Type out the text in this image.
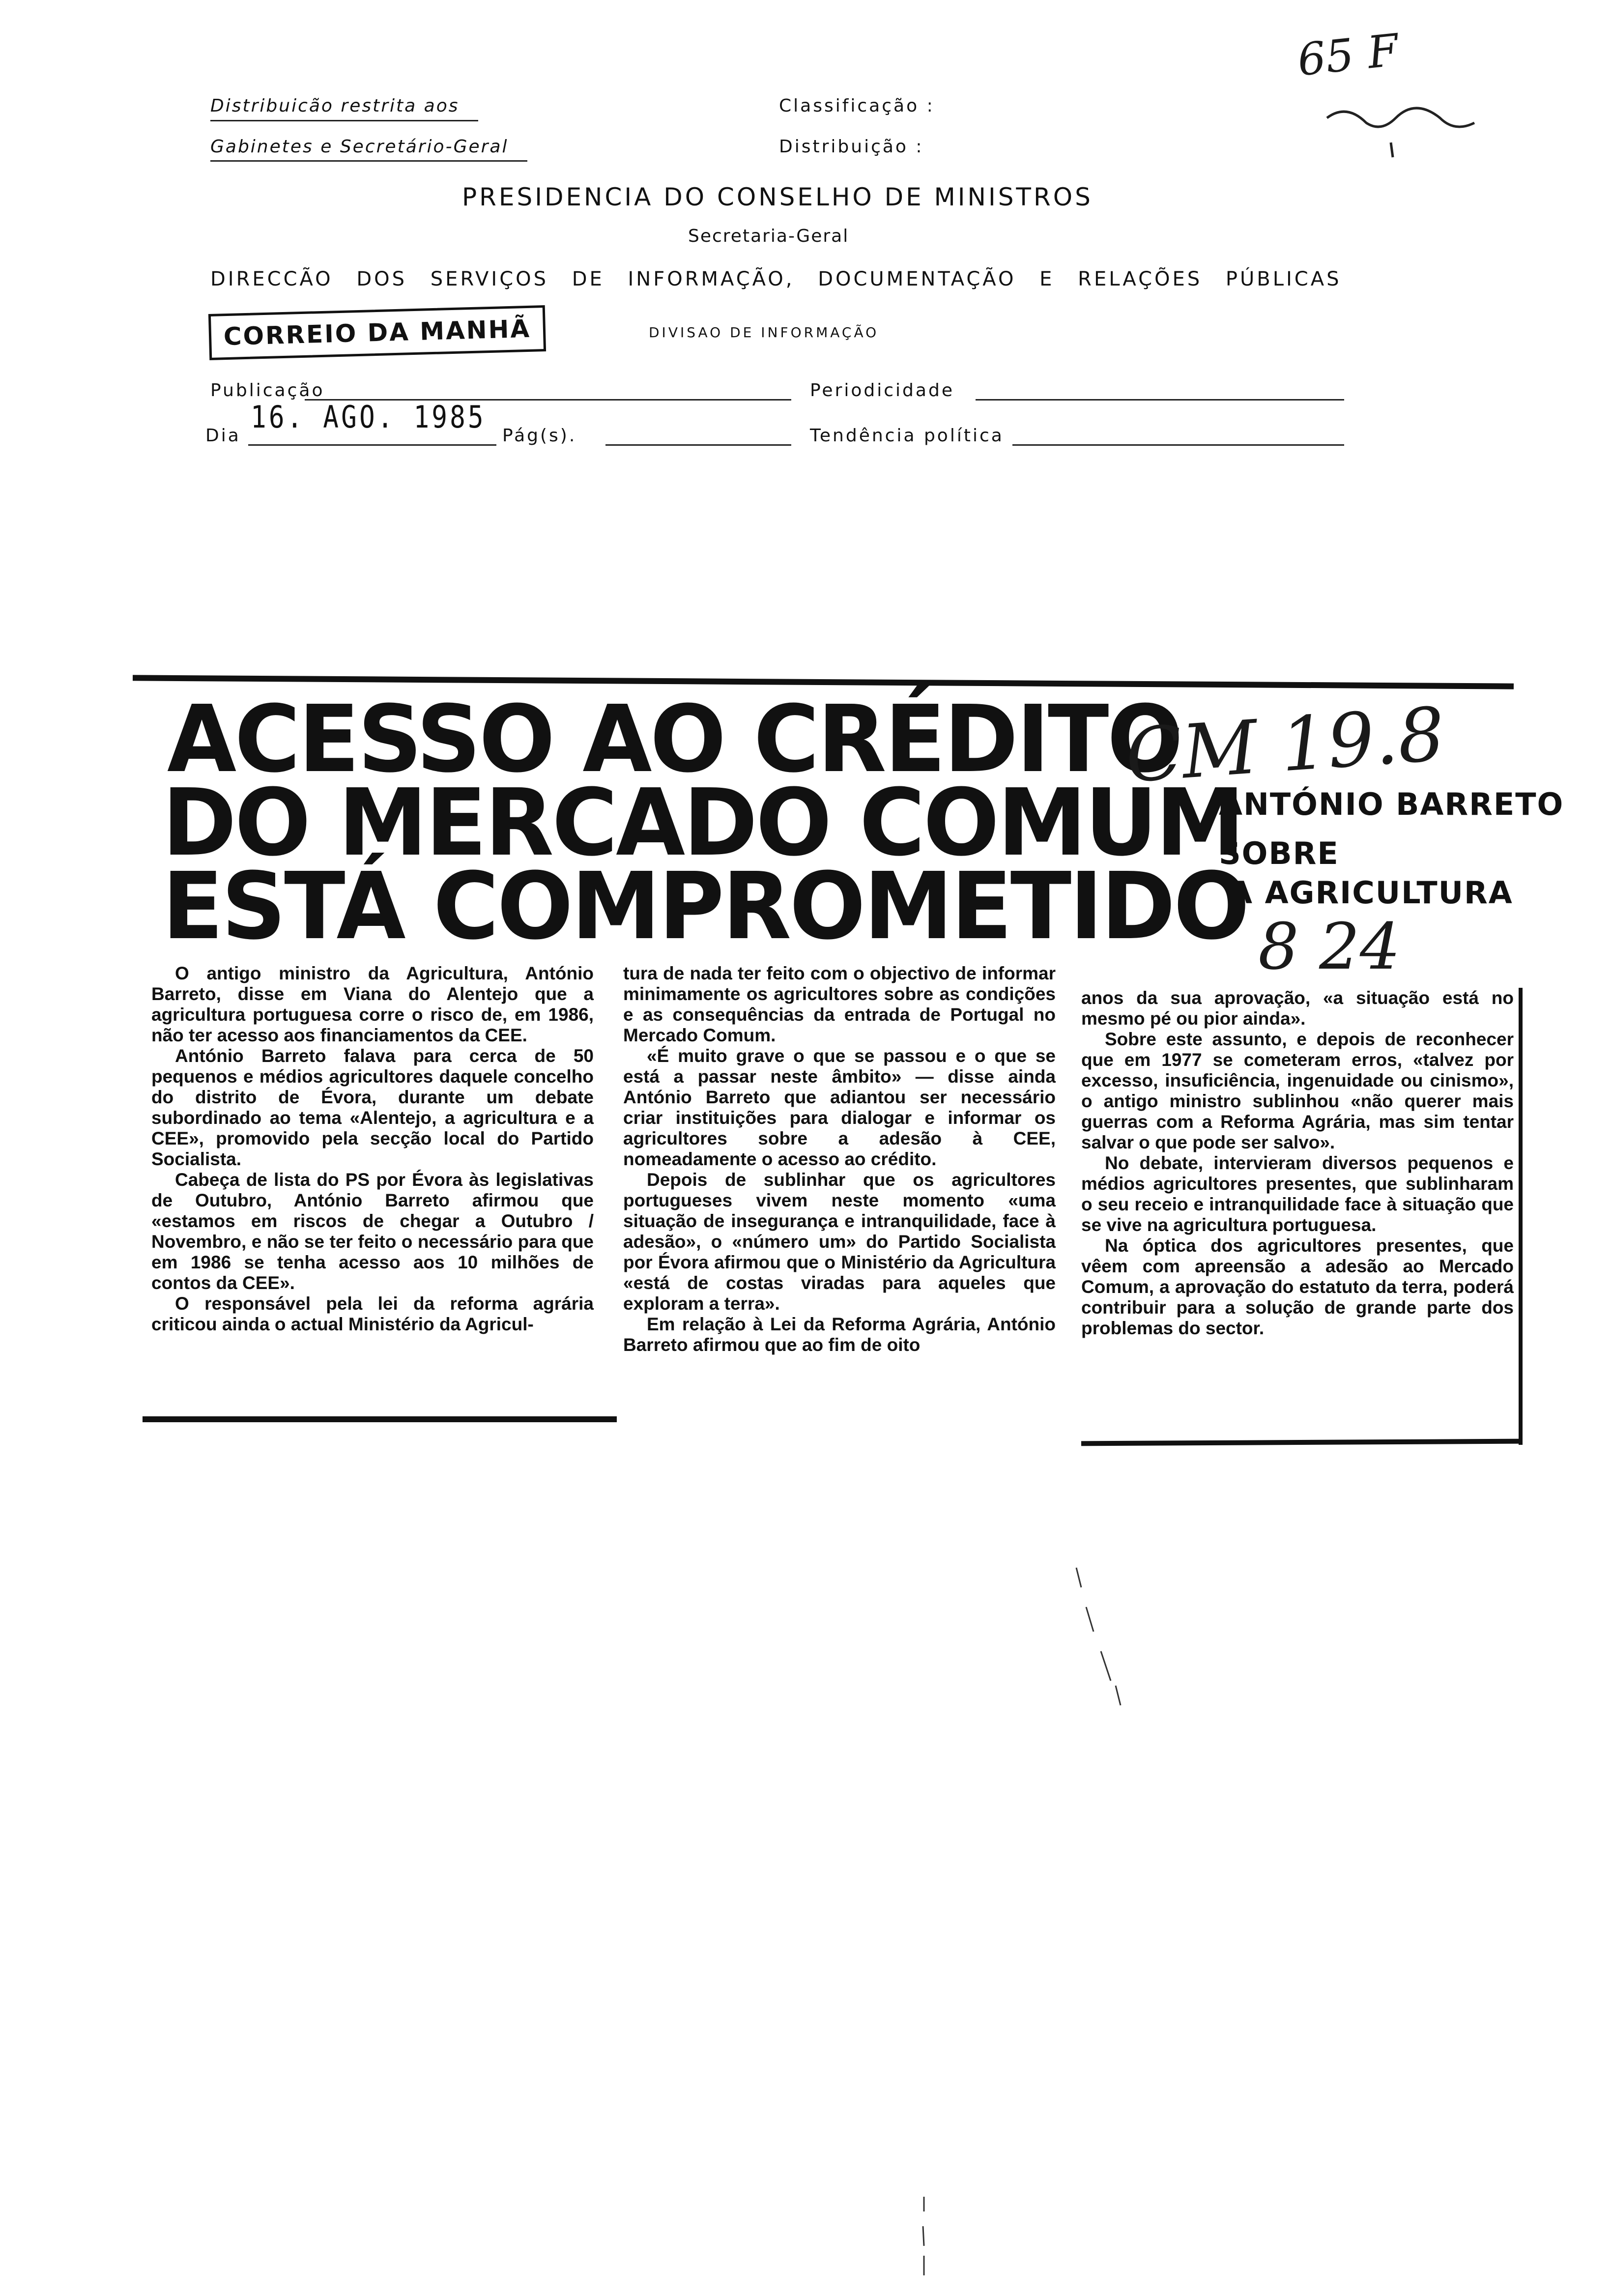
65 F
Distribuicão restrita aos
Gabinetes e Secretário-Geral
Classificação :
Distribuição :
PRESIDENCIA DO CONSELHO DE MINISTROS
Secretaria-Geral
DIRECCÃO DOS SERVIÇOS DE INFORMAÇÃO, DOCUMENTAÇÃO E RELAÇÕES PÚBLICAS
CORREIO DA MANHÃ	DIVISAO DE INFORMAÇÃO
Publicação
16. AGO. 1985
Periodicidade
Dia	Pág(s).	Tendência política
ACESSO AO CRÉDITO
DO MERCADO COMUM
ESTÁ COMPROMETIDO
CM 19.8
ANTÓNIO BARRETO
SOBRE
A AGRICULTURA
8 24

O antigo ministro da Agricultura, António Barreto, disse em Viana do Alentejo que a agricultura portuguesa corre o risco de, em 1986, não ter acesso aos financiamentos da CEE.

António Barreto falava para cerca de 50 pequenos e médios agricultores daquele concelho do distrito de Évora, durante um debate subordinado ao tema «Alentejo, a agricultura e a CEE», promovido pela secção local do Partido Socialista.

Cabeça de lista do PS por Évora às legislativas de Outubro, António Barreto afirmou que «estamos em riscos de chegar a Outubro / Novembro, e não se ter feito o necessário para que em 1986 se tenha acesso aos 10 milhões de contos da CEE».

O responsável pela lei da reforma agrária criticou ainda o actual Ministério da Agricul-

tura de nada ter feito com o objectivo de informar minimamente os agricultores sobre as condições e as consequências da entrada de Portugal no Mercado Comum.

«É muito grave o que se passou e o que se está a passar neste âmbito» — disse ainda António Barreto que adiantou ser necessário criar instituições para dialogar e informar os agricultores sobre a adesão à CEE, nomeadamente o acesso ao crédito.

Depois de sublinhar que os agricultores portugueses vivem neste momento «uma situação de insegurança e intranquilidade, face à adesão», o «número um» do Partido Socialista por Évora afirmou que o Ministério da Agricultura «está de costas viradas para aqueles que exploram a terra».

Em relação à Lei da Reforma Agrária, António Barreto afirmou que ao fim de oito

anos da sua aprovação, «a situação está no mesmo pé ou pior ainda».

Sobre este assunto, e depois de reconhecer que em 1977 se cometeram erros, «talvez por excesso, insuficiência, ingenuidade ou cinismo», o antigo ministro sublinhou «não querer mais guerras com a Reforma Agrária, mas sim tentar salvar o que pode ser salvo».

No debate, intervieram diversos pequenos e médios agricultores presentes, que sublinharam o seu receio e intranquilidade face à situação que se vive na agricultura portuguesa.

Na óptica dos agricultores presentes, que vêem com apreensão a adesão ao Mercado Comum, a aprovação do estatuto da terra, poderá contribuir para a solução de grande parte dos problemas do sector.
